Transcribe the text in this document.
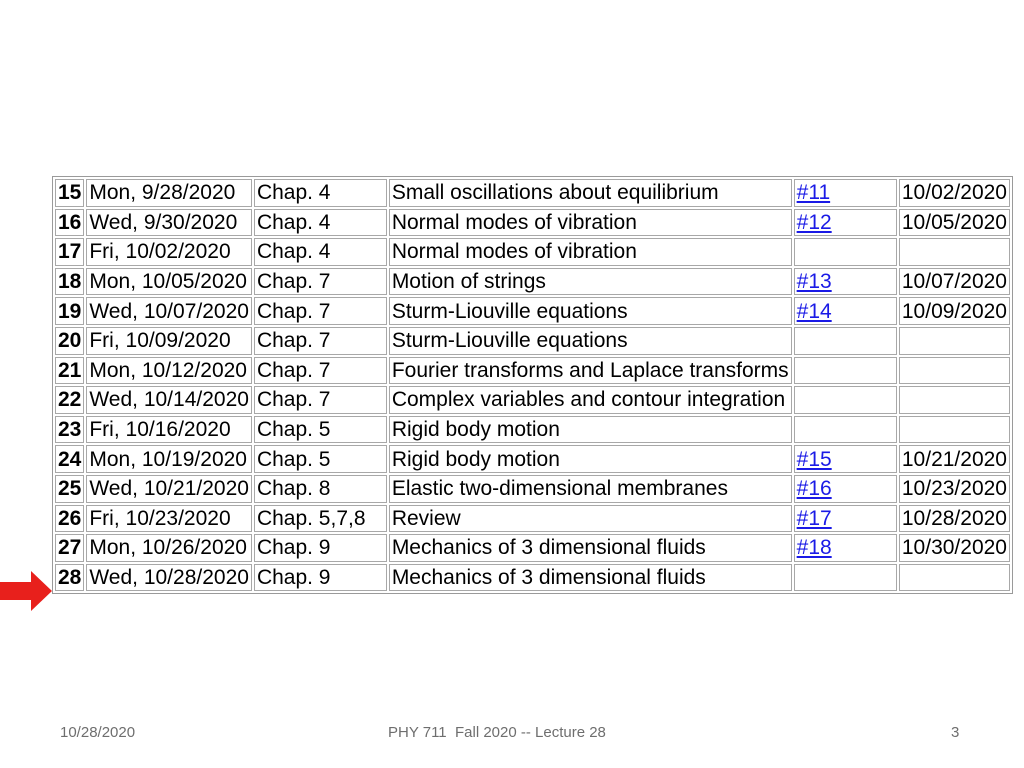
15	Mon, 9/28/2020	Chap. 4	Small oscillations about equilibrium	#11	10/02/2020
16	Wed, 9/30/2020	Chap. 4	Normal modes of vibration	#12	10/05/2020
17	Fri, 10/02/2020	Chap. 4	Normal modes of vibration		
18	Mon, 10/05/2020	Chap. 7	Motion of strings	#13	10/07/2020
19	Wed, 10/07/2020	Chap. 7	Sturm-Liouville equations	#14	10/09/2020
20	Fri, 10/09/2020	Chap. 7	Sturm-Liouville equations		
21	Mon, 10/12/2020	Chap. 7	Fourier transforms and Laplace transforms		
22	Wed, 10/14/2020	Chap. 7	Complex variables and contour integration		
23	Fri, 10/16/2020	Chap. 5	Rigid body motion		
24	Mon, 10/19/2020	Chap. 5	Rigid body motion	#15	10/21/2020
25	Wed, 10/21/2020	Chap. 8	Elastic two-dimensional membranes	#16	10/23/2020
26	Fri, 10/23/2020	Chap. 5,7,8	Review	#17	10/28/2020
27	Mon, 10/26/2020	Chap. 9	Mechanics of 3 dimensional fluids	#18	10/30/2020
28	Wed, 10/28/2020	Chap. 9	Mechanics of 3 dimensional fluids		
10/28/2020	PHY 711  Fall 2020 -- Lecture 28	3
